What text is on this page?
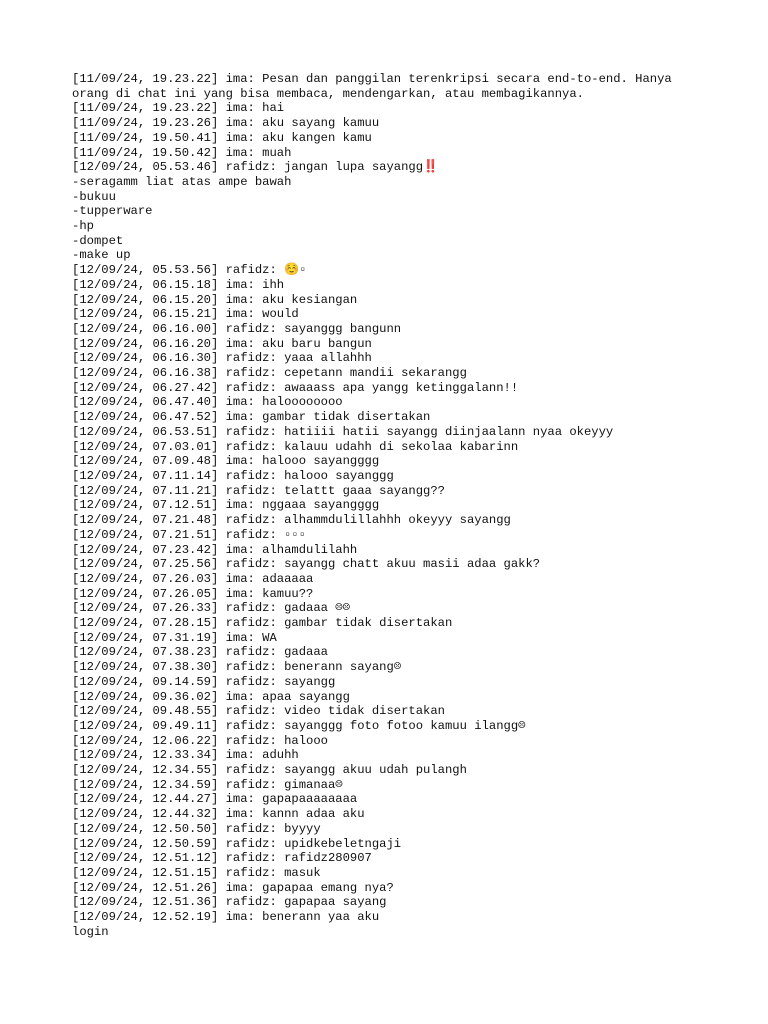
[11/09/24, 19.23.22] ima: Pesan dan panggilan terenkripsi secara end-to-end. Hanya orang di chat ini yang bisa membaca, mendengarkan, atau membagikannya.
[11/09/24, 19.23.22] ima: hai
[11/09/24, 19.23.26] ima: aku sayang kamuu
[11/09/24, 19.50.41] ima: aku kangen kamu
[11/09/24, 19.50.42] ima: muah
[12/09/24, 05.53.46] rafidz: jangan lupa sayangg‼️
-seragamm liat atas ampe bawah
-bukuu
-tupperware
-hp
-dompet
-make up
[12/09/24, 05.53.56] rafidz: ☺️▫
[12/09/24, 06.15.18] ima: ihh
[12/09/24, 06.15.20] ima: aku kesiangan
[12/09/24, 06.15.21] ima: would
[12/09/24, 06.16.00] rafidz: sayanggg bangunn
[12/09/24, 06.16.20] ima: aku baru bangun
[12/09/24, 06.16.30] rafidz: yaaa allahhh
[12/09/24, 06.16.38] rafidz: cepetann mandii sekarangg
[12/09/24, 06.27.42] rafidz: awaaass apa yangg ketinggalann!!
[12/09/24, 06.47.40] ima: haloooooooo
[12/09/24, 06.47.52] ima: gambar tidak disertakan
[12/09/24, 06.53.51] rafidz: hatiiii hatii sayangg diinjaalann nyaa okeyyy
[12/09/24, 07.03.01] rafidz: kalauu udahh di sekolaa kabarinn
[12/09/24, 07.09.48] ima: halooo sayangggg
[12/09/24, 07.11.14] rafidz: halooo sayanggg
[12/09/24, 07.11.21] rafidz: telattt gaaa sayangg??
[12/09/24, 07.12.51] ima: nggaaa sayangggg
[12/09/24, 07.21.48] rafidz: alhammdulillahhh okeyyy sayangg
[12/09/24, 07.21.51] rafidz: ▫▫▫
[12/09/24, 07.23.42] ima: alhamdulilahh
[12/09/24, 07.25.56] rafidz: sayangg chatt akuu masii adaa gakk?
[12/09/24, 07.26.03] ima: adaaaaa
[12/09/24, 07.26.05] ima: kamuu??
[12/09/24, 07.26.33] rafidz: gadaaa ☹☹
[12/09/24, 07.28.15] rafidz: gambar tidak disertakan
[12/09/24, 07.31.19] ima: WA
[12/09/24, 07.38.23] rafidz: gadaaa
[12/09/24, 07.38.30] rafidz: benerann sayang☹
[12/09/24, 09.14.59] rafidz: sayangg
[12/09/24, 09.36.02] ima: apaa sayangg
[12/09/24, 09.48.55] rafidz: video tidak disertakan
[12/09/24, 09.49.11] rafidz: sayanggg foto fotoo kamuu ilangg☹
[12/09/24, 12.06.22] rafidz: halooo
[12/09/24, 12.33.34] ima: aduhh
[12/09/24, 12.34.55] rafidz: sayangg akuu udah pulangh
[12/09/24, 12.34.59] rafidz: gimanaa☹
[12/09/24, 12.44.27] ima: gapapaaaaaaaa
[12/09/24, 12.44.32] ima: kannn adaa aku
[12/09/24, 12.50.50] rafidz: byyyy
[12/09/24, 12.50.59] rafidz: upidkebeletngaji
[12/09/24, 12.51.12] rafidz: rafidz280907
[12/09/24, 12.51.15] rafidz: masuk
[12/09/24, 12.51.26] ima: gapapaa emang nya?
[12/09/24, 12.51.36] rafidz: gapapaa sayang
[12/09/24, 12.52.19] ima: benerann yaa aku
login
